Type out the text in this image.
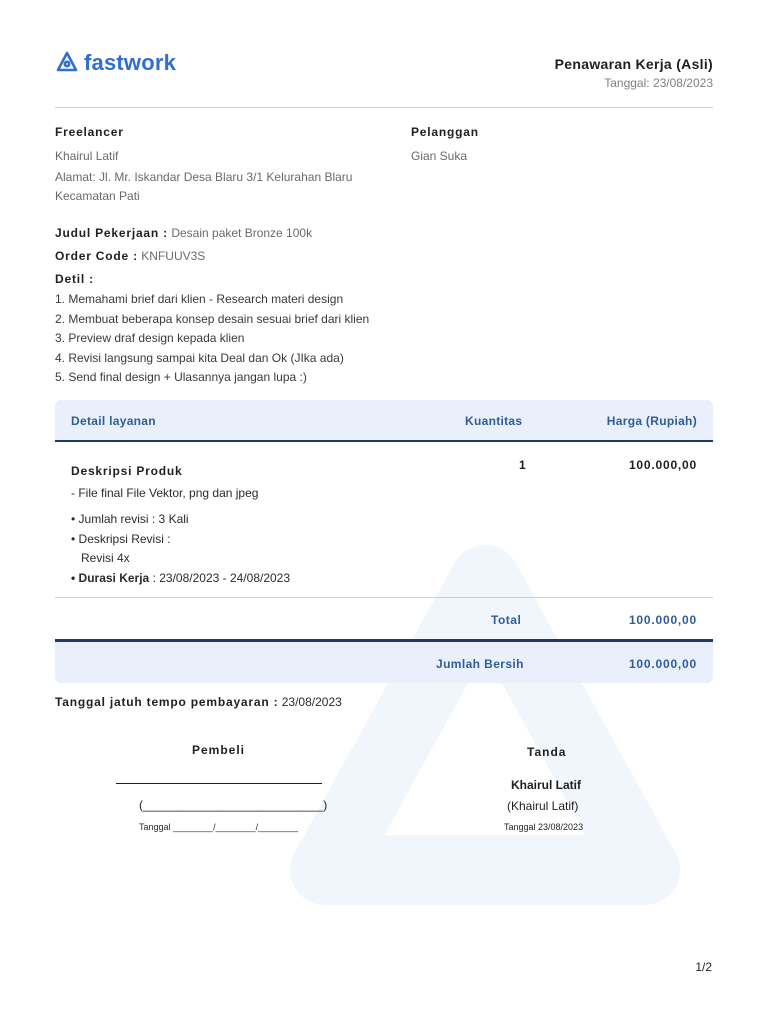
fastwork	Penawaran Kerja (Asli)
Tanggal: 23/08/2023
Freelancer
Khairul Latif
Alamat: Jl. Mr. Iskandar Desa Blaru 3/1 Kelurahan Blaru Kecamatan Pati
Pelanggan
Gian Suka
Judul Pekerjaan : Desain paket Bronze 100k
Order Code : KNFUUV3S
Detil :
1. Memahami brief dari klien - Research materi design
2. Membuat beberapa konsep desain sesuai brief dari klien
3. Preview draf design kepada klien
4. Revisi langsung sampai kita Deal dan Ok (JIka ada)
5. Send final design + Ulasannya jangan lupa :)
Detail layanan	Kuantitas	Harga (Rupiah)
Deskripsi Produk
- File final File Vektor, png dan jpeg
• Jumlah revisi : 3 Kali
• Deskripsi Revisi :
Revisi 4x
• Durasi Kerja : 23/08/2023 - 24/08/2023
1	100.000,00
Total	100.000,00
Jumlah Bersih	100.000,00
Tanggal jatuh tempo pembayaran : 23/08/2023
Pembeli
(___________________________)
Tanggal ________/________/________
Tanda
Khairul Latif
(Khairul Latif)
Tanggal 23/08/2023
1/2
